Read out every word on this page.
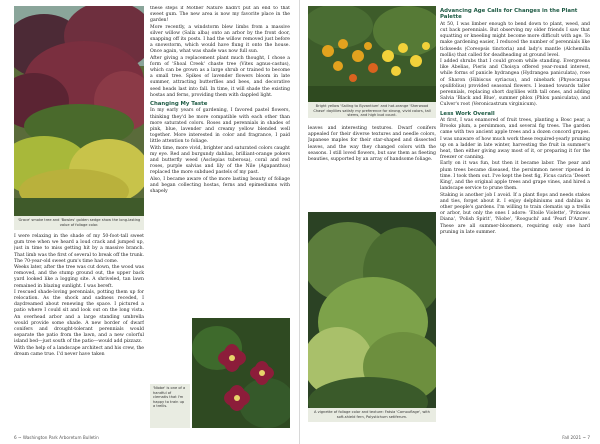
'Grace' smoke tree and 'Bowles' golden sedge show the long-lasting value of foliage color.

I were relaxing in the shade of my 50-foot-tall sweet gum tree when we heard a loud crack and jumped up, just in time to miss getting hit by a massive branch. That limb was the first of several to break off the trunk. The 70-year-old sweet gum's time had come.

Weeks later, after the tree was cut down, the wood was removed, and the stump ground out, the upper back yard looked like a logging site. A shriveled, tan lawn remained in blazing sunlight. I was bereft.

I rescued shade-loving perennials, potting them up for relocation. As the shock and sadness receded, I daydreamed about renewing the space. I pictured a patio where I could sit and look out on the long vista. An overhead arbor and a large standing umbrella would provide some shade. A new border of dwarf conifers and drought-tolerant perennials would separate the patio from the lawn, and a new colorful island bed—just south of the patio—would add pizzazz.

With the help of a landscape architect and his crew, the dream came true. I'd never have taken

these steps if Mother Nature hadn't put an end to that sweet gum. The new area is now my favorite place in the garden!

More recently, a windstorm blew limbs from a massive silver willow (Salix alba) onto an arbor by the front door, snapping off its posts. I had the willow removed just before a snowstorm, which would have flung it onto the house. Once again, what was shade was now full sun.

After giving a replacement plant much thought, I chose a form of 'Shoal Creek' chaste tree (Vitex agnus-castus), which can be grown as a large shrub or trained to become a small tree. Spikes of lavender flowers bloom in late summer, attracting butterflies and bees, and decorative seed heads last into fall. In time, it will shade the existing hostas and ferns, providing them with dappled light.

Changing My Taste

In my early years of gardening, I favored pastel flowers, thinking they'd be more compatible with each other than more saturated colors. Roses and perennials in shades of pink, blue, lavender and creamy yellow blended well together. More interested in color and fragrance, I paid little attention to foliage.

With time, more vivid, brighter and saturated colors caught my eye. Red and burgundy dahlias, brilliant-orange pokers and butterfly weed (Asclepias tuberosa), coral and red roses, purple salvias and lily of the Nile (Agapanthus) replaced the more subdued pastels of my past.

Also, I became aware of the more lasting beauty of foliage and began collecting hostas, ferns and epimediums with shapely

'Niobe' is one of a handful of clematis that I'm happy to train up a trellis.
6 ~ Washington Park Arboretum Bulletin
Bright yellow 'Sailing to Byzantium' and hot-orange 'Sherwood Chase' daylilies satisfy my preference for strong, vivid colors, tall stems, and high bud count.

leaves and interesting textures. Dwarf conifers appealed for their diverse textures and needle colors, Japanese maples for their star-shaped and dissected leaves, and the way they changed colors with the seasons. I still loved flowers, but saw them as fleeting beauties, supported by an array of handsome foliage.

A vignette of foliage color and texture: Fatsia 'Camouflage', with soft-shield fern, Polystichum setiferum.
Advancing Age Calls for Changes in the Plant Palette

At 50, I was limber enough to bend down to plant, weed, and cut back perennials. But observing my older friends I saw that squatting or kneeling might become more difficult with age. To make gardening easier, I reduced the number of perennials like tickseeds (Coreopsis tinctoria) and lady's mantle (Alchemilla mollis) that called for deadheading at ground level.

I added shrubs that I could groom while standing. Evergreens like Abelias, Pieris and Choisya offered year-round interest, while forms of panicle hydrangea (Hydrangea paniculata), rose of Sharon (Hibiscus syriacus), and ninebark (Physocarpus opulifolius) provided seasonal flowers. I leaned towards taller perennials, replacing short daylilies with tall ones, and adding Salvia 'Black and Blue', summer phlox (Phlox paniculata), and Culver's root (Veronicastrum virginicum).

Less Work Overall

At first, I was enamored of fruit trees, planting a Bosc pear, a Brooks plum, a persimmon, and several fig trees. The garden came with two ancient apple trees and a dozen concord grapes. I was unaware of how much work these required-yearly pruning up on a ladder in late winter, harvesting the fruit in summer's heat, then either giving away most of it, or preparing it for the freezer or canning.

Early on it was fun, but then it became labor. The pear and plum trees became diseased, the persimmon never ripened in time. I took them out. I've kept the best fig, Ficus carica 'Desert King', and the original apple trees and grape vines, and hired a landscape service to prune them.

Staking is another job I avoid. If a plant flops and needs stakes and ties, forget about it. I enjoy delphiniums and dahlias in other people's gardens. I'm willing to train clematis up a trellis or arbor, but only the ones I adore: 'Etoile Violette', 'Princess Diana', 'Polish Spirit', 'Niobe', 'Rooguchi' and 'Pearl D'Azure'. These are all summer-bloomers, requiring only one hard pruning in late summer.

Fall 2021 ~ 7
